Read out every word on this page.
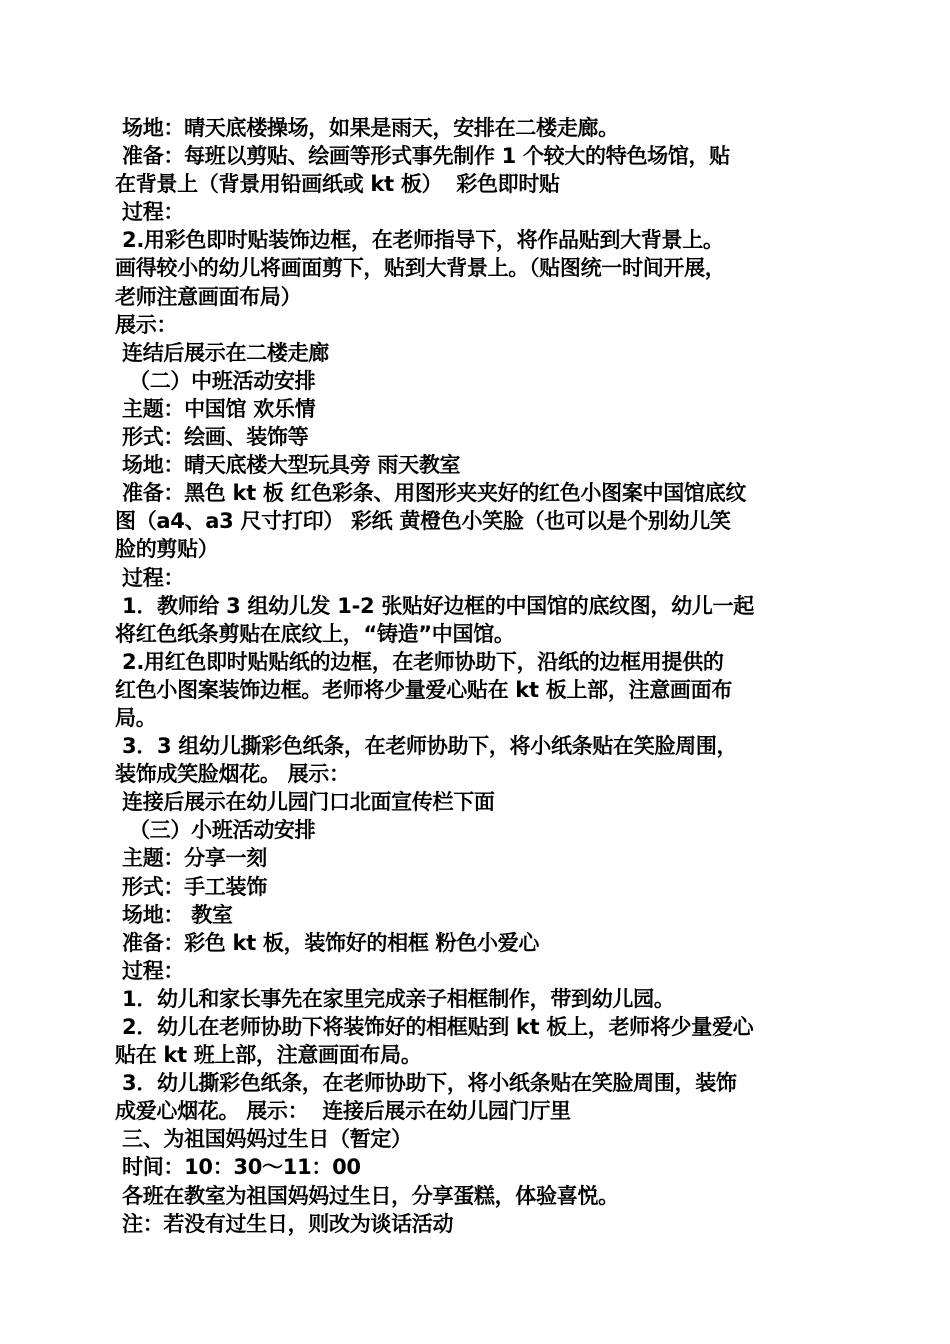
场地：晴天底楼操场，如果是雨天，安排在二楼走廊。
准备：每班以剪贴、绘画等形式事先制作 1 个较大的特色场馆，贴
在背景上（背景用铅画纸或 kt 板）  彩色即时贴
过程：
2.用彩色即时贴装饰边框，在老师指导下，将作品贴到大背景上。
画得较小的幼儿将画面剪下，贴到大背景上。（贴图统一时间开展，
老师注意画面布局）
展示：
连结后展示在二楼走廊
（二）中班活动安排
主题：中国馆 欢乐情
形式：绘画、装饰等
场地：晴天底楼大型玩具旁 雨天教室
准备：黑色 kt 板 红色彩条、用图形夹夹好的红色小图案中国馆底纹
图（a4、a3 尺寸打印） 彩纸 黄橙色小笑脸（也可以是个别幼儿笑
脸的剪贴）
过程：
1．教师给 3 组幼儿发 1-2 张贴好边框的中国馆的底纹图，幼儿一起
将红色纸条剪贴在底纹上，“铸造”中国馆。
2.用红色即时贴贴纸的边框，在老师协助下，沿纸的边框用提供的
红色小图案装饰边框。老师将少量爱心贴在 kt 板上部，注意画面布
局。
3．3 组幼儿撕彩色纸条，在老师协助下，将小纸条贴在笑脸周围，
装饰成笑脸烟花。 展示：
连接后展示在幼儿园门口北面宣传栏下面
（三）小班活动安排
主题：分享一刻
形式：手工装饰
场地： 教室
准备：彩色 kt 板，装饰好的相框 粉色小爱心
过程：
1．幼儿和家长事先在家里完成亲子相框制作，带到幼儿园。
2．幼儿在老师协助下将装饰好的相框贴到 kt 板上，老师将少量爱心
贴在 kt 班上部，注意画面布局。
3．幼儿撕彩色纸条，在老师协助下，将小纸条贴在笑脸周围，装饰
成爱心烟花。 展示：  连接后展示在幼儿园门厅里
三、为祖国妈妈过生日（暂定）
时间：10：30～11：00
各班在教室为祖国妈妈过生日，分享蛋糕，体验喜悦。
注：若没有过生日，则改为谈话活动
